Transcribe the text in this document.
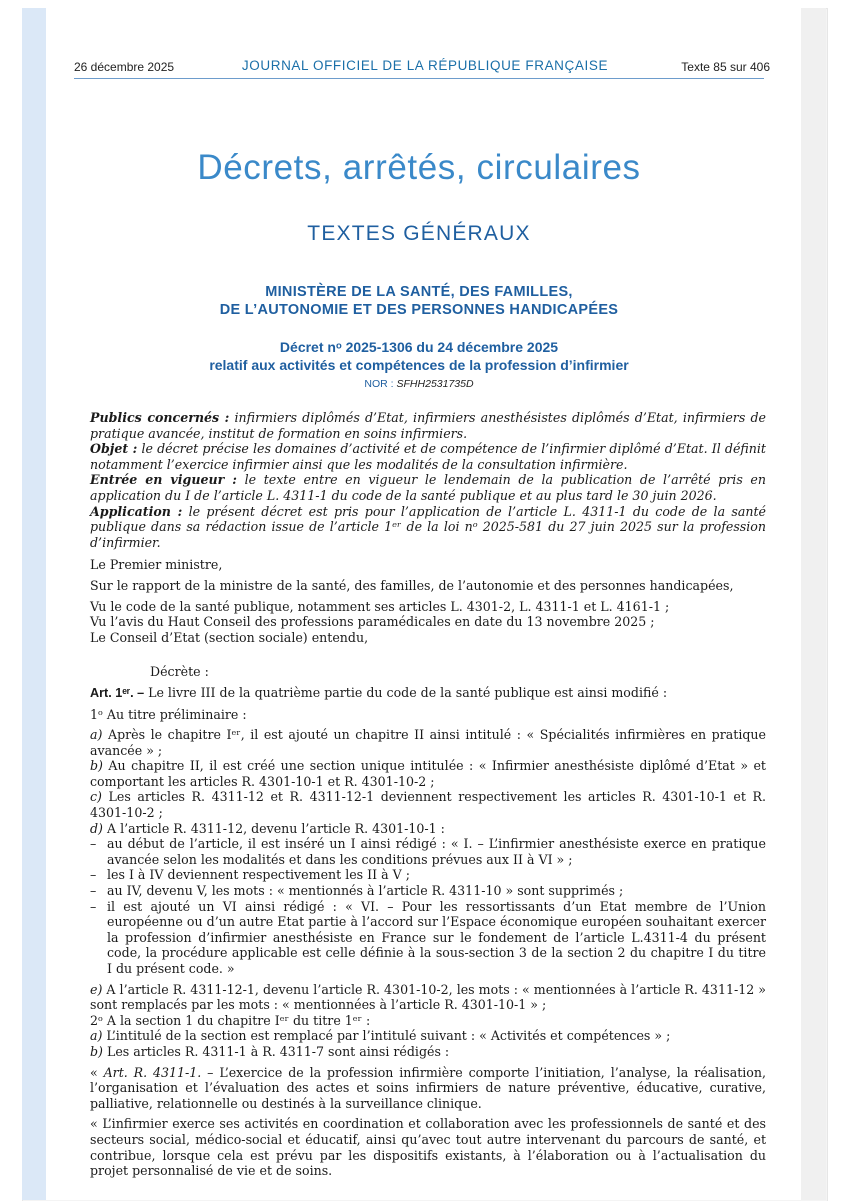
26 décembre 2025	JOURNAL OFFICIEL DE LA RÉPUBLIQUE FRANÇAISE	Texte 85 sur 406
Décrets, arrêtés, circulaires
TEXTES GÉNÉRAUX
MINISTÈRE DE LA SANTÉ, DES FAMILLES,
DE L’AUTONOMIE ET DES PERSONNES HANDICAPÉES
Décret nᵒ 2025-1306 du 24 décembre 2025
relatif aux activités et compétences de la profession d’infirmier
NOR : SFHH2531735D

Publics concernés : infirmiers diplômés d’Etat, infirmiers anesthésistes diplômés d’Etat, infirmiers de pratique avancée, institut de formation en soins infirmiers.

Objet : le décret précise les domaines d’activité et de compétence de l’infirmier diplômé d’Etat. Il définit notamment l’exercice infirmier ainsi que les modalités de la consultation infirmière.

Entrée en vigueur : le texte entre en vigueur le lendemain de la publication de l’arrêté pris en application du I de l’article L. 4311-1 du code de la santé publique et au plus tard le 30 juin 2026.

Application : le présent décret est pris pour l’application de l’article L. 4311-1 du code de la santé publique dans sa rédaction issue de l’article 1ᵉʳ de la loi nᵒ 2025-581 du 27 juin 2025 sur la profession d’infirmier.

Le Premier ministre,

Sur le rapport de la ministre de la santé, des familles, de l’autonomie et des personnes handicapées,

Vu le code de la santé publique, notamment ses articles L. 4301-2, L. 4311-1 et L. 4161-1 ;

Vu l’avis du Haut Conseil des professions paramédicales en date du 13 novembre 2025 ;

Le Conseil d’Etat (section sociale) entendu,

Décrète :

Art. 1ᵉʳ. – Le livre III de la quatrième partie du code de la santé publique est ainsi modifié :

1ᵒ Au titre préliminaire :

a) Après le chapitre Iᵉʳ, il est ajouté un chapitre II ainsi intitulé : « Spécialités infirmières en pratique avancée » ;

b) Au chapitre II, il est créé une section unique intitulée : « Infirmier anesthésiste diplômé d’Etat » et comportant les articles R. 4301-10-1 et R. 4301-10-2 ;

c) Les articles R. 4311-12 et R. 4311-12-1 deviennent respectivement les articles R. 4301-10-1 et R. 4301-10-2 ;

d) A l’article R. 4311-12, devenu l’article R. 4301-10-1 :

– au début de l’article, il est inséré un I ainsi rédigé : « I. – L’infirmier anesthésiste exerce en pratique avancée selon les modalités et dans les conditions prévues aux II à VI » ;

– les I à IV deviennent respectivement les II à V ;

– au IV, devenu V, les mots : « mentionnés à l’article R. 4311-10 » sont supprimés ;

– il est ajouté un VI ainsi rédigé : « VI. – Pour les ressortissants d’un Etat membre de l’Union européenne ou d’un autre Etat partie à l’accord sur l’Espace économique européen souhaitant exercer la profession d’infirmier anesthésiste en France sur le fondement de l’article L.4311-4 du présent code, la procédure applicable est celle définie à la sous-section 3 de la section 2 du chapitre I du titre I du présent code. »

e) A l’article R. 4311-12-1, devenu l’article R. 4301-10-2, les mots : « mentionnées à l’article R. 4311-12 » sont remplacés par les mots : « mentionnées à l’article R. 4301-10-1 » ;

2ᵒ A la section 1 du chapitre Iᵉʳ du titre 1ᵉʳ :

a) L’intitulé de la section est remplacé par l’intitulé suivant : « Activités et compétences » ;

b) Les articles R. 4311-1 à R. 4311-7 sont ainsi rédigés :

« Art. R. 4311-1. – L’exercice de la profession infirmière comporte l’initiation, l’analyse, la réalisation, l’organisation et l’évaluation des actes et soins infirmiers de nature préventive, éducative, curative, palliative, relationnelle ou destinés à la surveillance clinique.

« L’infirmier exerce ses activités en coordination et collaboration avec les professionnels de santé et des secteurs social, médico-social et éducatif, ainsi qu’avec tout autre intervenant du parcours de santé, et contribue, lorsque cela est prévu par les dispositifs existants, à l’élaboration ou à l’actualisation du projet personnalisé de vie et de soins.
